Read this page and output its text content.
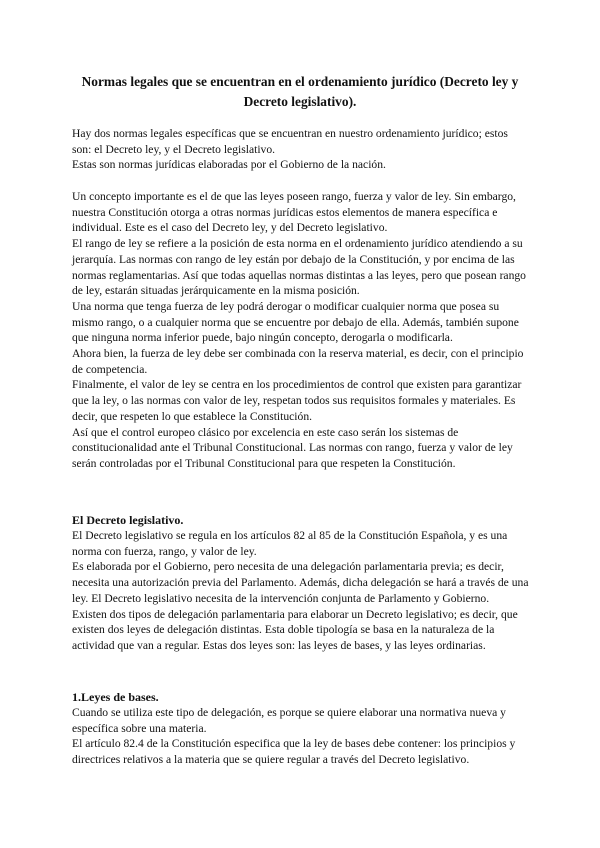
Normas legales que se encuentran en el ordenamiento jurídico (Decreto ley y Decreto legislativo).

Hay dos normas legales específicas que se encuentran en nuestro ordenamiento jurídico; estos son: el Decreto ley, y el Decreto legislativo.

Estas son normas jurídicas elaboradas por el Gobierno de la nación.

Un concepto importante es el de que las leyes poseen rango, fuerza y valor de ley. Sin embargo, nuestra Constitución otorga a otras normas jurídicas estos elementos de manera específica e individual. Este es el caso del Decreto ley, y del Decreto legislativo.

El rango de ley se refiere a la posición de esta norma en el ordenamiento jurídico atendiendo a su jerarquía. Las normas con rango de ley están por debajo de la Constitución, y por encima de las normas reglamentarias. Así que todas aquellas normas distintas a las leyes, pero que posean rango de ley, estarán situadas jerárquicamente en la misma posición.

Una norma que tenga fuerza de ley podrá derogar o modificar cualquier norma que posea su mismo rango, o a cualquier norma que se encuentre por debajo de ella. Además, también supone que ninguna norma inferior puede, bajo ningún concepto, derogarla o modificarla.

Ahora bien, la fuerza de ley debe ser combinada con la reserva material, es decir, con el principio de competencia.

Finalmente, el valor de ley se centra en los procedimientos de control que existen para garantizar que la ley, o las normas con valor de ley, respetan todos sus requisitos formales y materiales. Es decir, que respeten lo que establece la Constitución.

Así que el control europeo clásico por excelencia en este caso serán los sistemas de constitucionalidad ante el Tribunal Constitucional. Las normas con rango, fuerza y valor de ley serán controladas por el Tribunal Constitucional para que respeten la Constitución.

El Decreto legislativo.

El Decreto legislativo se regula en los artículos 82 al 85 de la Constitución Española, y es una norma con fuerza, rango, y valor de ley.

Es elaborada por el Gobierno, pero necesita de una delegación parlamentaria previa; es decir, necesita una autorización previa del Parlamento. Además, dicha delegación se hará a través de una ley. El Decreto legislativo necesita de la intervención conjunta de Parlamento y Gobierno.

Existen dos tipos de delegación parlamentaria para elaborar un Decreto legislativo; es decir, que existen dos leyes de delegación distintas. Esta doble tipología se basa en la naturaleza de la actividad que van a regular. Estas dos leyes son: las leyes de bases, y las leyes ordinarias.

1.Leyes de bases.

Cuando se utiliza este tipo de delegación, es porque se quiere elaborar una normativa nueva y específica sobre una materia.

El artículo 82.4 de la Constitución especifica que la ley de bases debe contener: los principios y directrices relativos a la materia que se quiere regular a través del Decreto legislativo.
